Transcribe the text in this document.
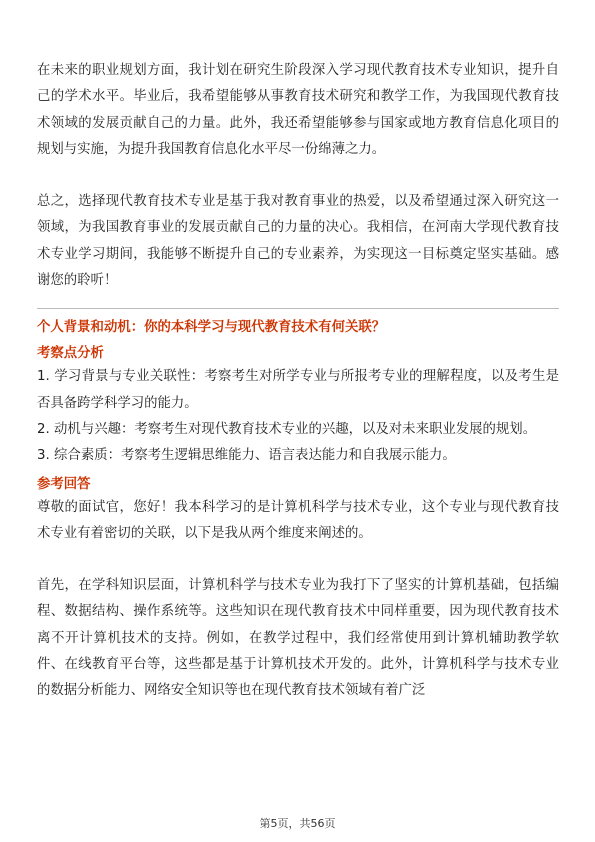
在未来的职业规划方面，我计划在研究生阶段深入学习现代教育技术专业知识，提升自己的学术水平。毕业后，我希望能够从事教育技术研究和教学工作，为我国现代教育技术领域的发展贡献自己的力量。此外，我还希望能够参与国家或地方教育信息化项目的规划与实施，为提升我国教育信息化水平尽一份绵薄之力。

总之，选择现代教育技术专业是基于我对教育事业的热爱，以及希望通过深入研究这一领域，为我国教育事业的发展贡献自己的力量的决心。我相信，在河南大学现代教育技术专业学习期间，我能够不断提升自己的专业素养，为实现这一目标奠定坚实基础。感谢您的聆听！

个人背景和动机：你的本科学习与现代教育技术有何关联？
考察点分析
1. 学习背景与专业关联性：考察考生对所学专业与所报考专业的理解程度，以及考生是否具备跨学科学习的能力。
2. 动机与兴趣：考察考生对现代教育技术专业的兴趣，以及对未来职业发展的规划。
3. 综合素质：考察考生逻辑思维能力、语言表达能力和自我展示能力。
参考回答

尊敬的面试官，您好！我本科学习的是计算机科学与技术专业，这个专业与现代教育技术专业有着密切的关联，以下是我从两个维度来阐述的。

首先，在学科知识层面，计算机科学与技术专业为我打下了坚实的计算机基础，包括编程、数据结构、操作系统等。这些知识在现代教育技术中同样重要，因为现代教育技术离不开计算机技术的支持。例如，在教学过程中，我们经常使用到计算机辅助教学软件、在线教育平台等，这些都是基于计算机技术开发的。此外，计算机科学与技术专业的数据分析能力、网络安全知识等也在现代教育技术领域有着广泛

第5页，共56页
